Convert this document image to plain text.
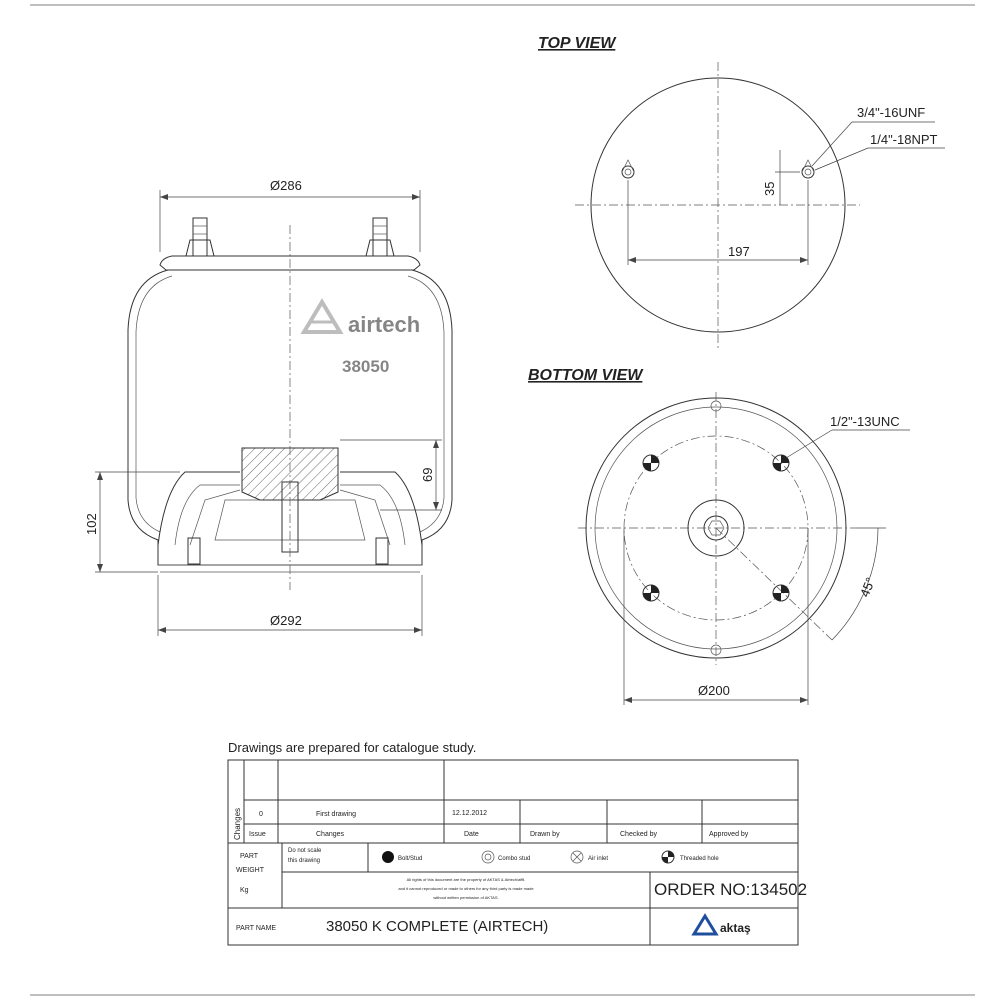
airtech
38050
Ø286
Ø292
102
69
TOP VIEW
3/4"-16UNF
1/4"-18NPT
197
35
BOTTOM VIEW
1/2"-13UNC
45°
Ø200
Drawings are prepared for catalogue study.
Changes 0	First drawing	12.12.2012
Issue	Changes	Date	Drawn by	Checked by	Approved by
PART
WEIGHT
Kg
Do not scale
this drawing	Bolt/Stud	Combo stud	Air inlet	Threaded hole
All rights of this document are the property of AKTAS & Airtech/affil.
and it cannot reproduced or made to others for any third party is made made
without written permission of AKTAS.	ORDER NO:134502
PART NAME	38050 K COMPLETE (AIRTECH)	aktaş
